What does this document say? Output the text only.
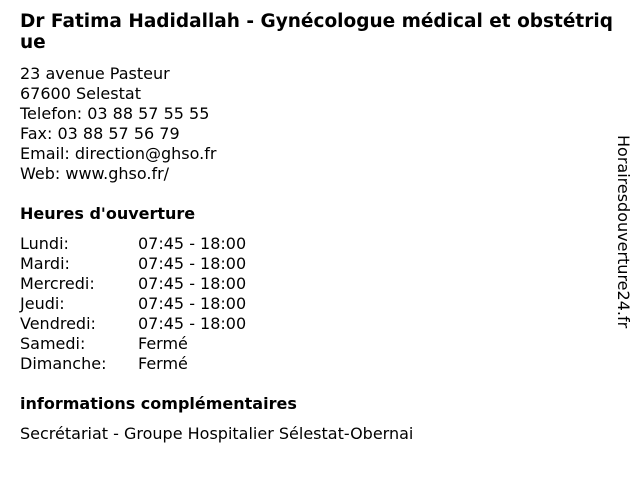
Dr Fatima Hadidallah - Gynécologue médical et obstétrique
23 avenue Pasteur
67600 Selestat
Telefon: 03 88 57 55 55
Fax: 03 88 57 56 79
Email: direction@ghso.fr
Web: www.ghso.fr/
Heures d'ouverture
Lundi:	07:45 - 18:00
Mardi:	07:45 - 18:00
Mercredi:	07:45 - 18:00
Jeudi:	07:45 - 18:00
Vendredi:	07:45 - 18:00
Samedi:	Fermé
Dimanche: Fermé
informations complémentaires
Secrétariat - Groupe Hospitalier Sélestat-Obernai
Horairesdouverture24.fr
